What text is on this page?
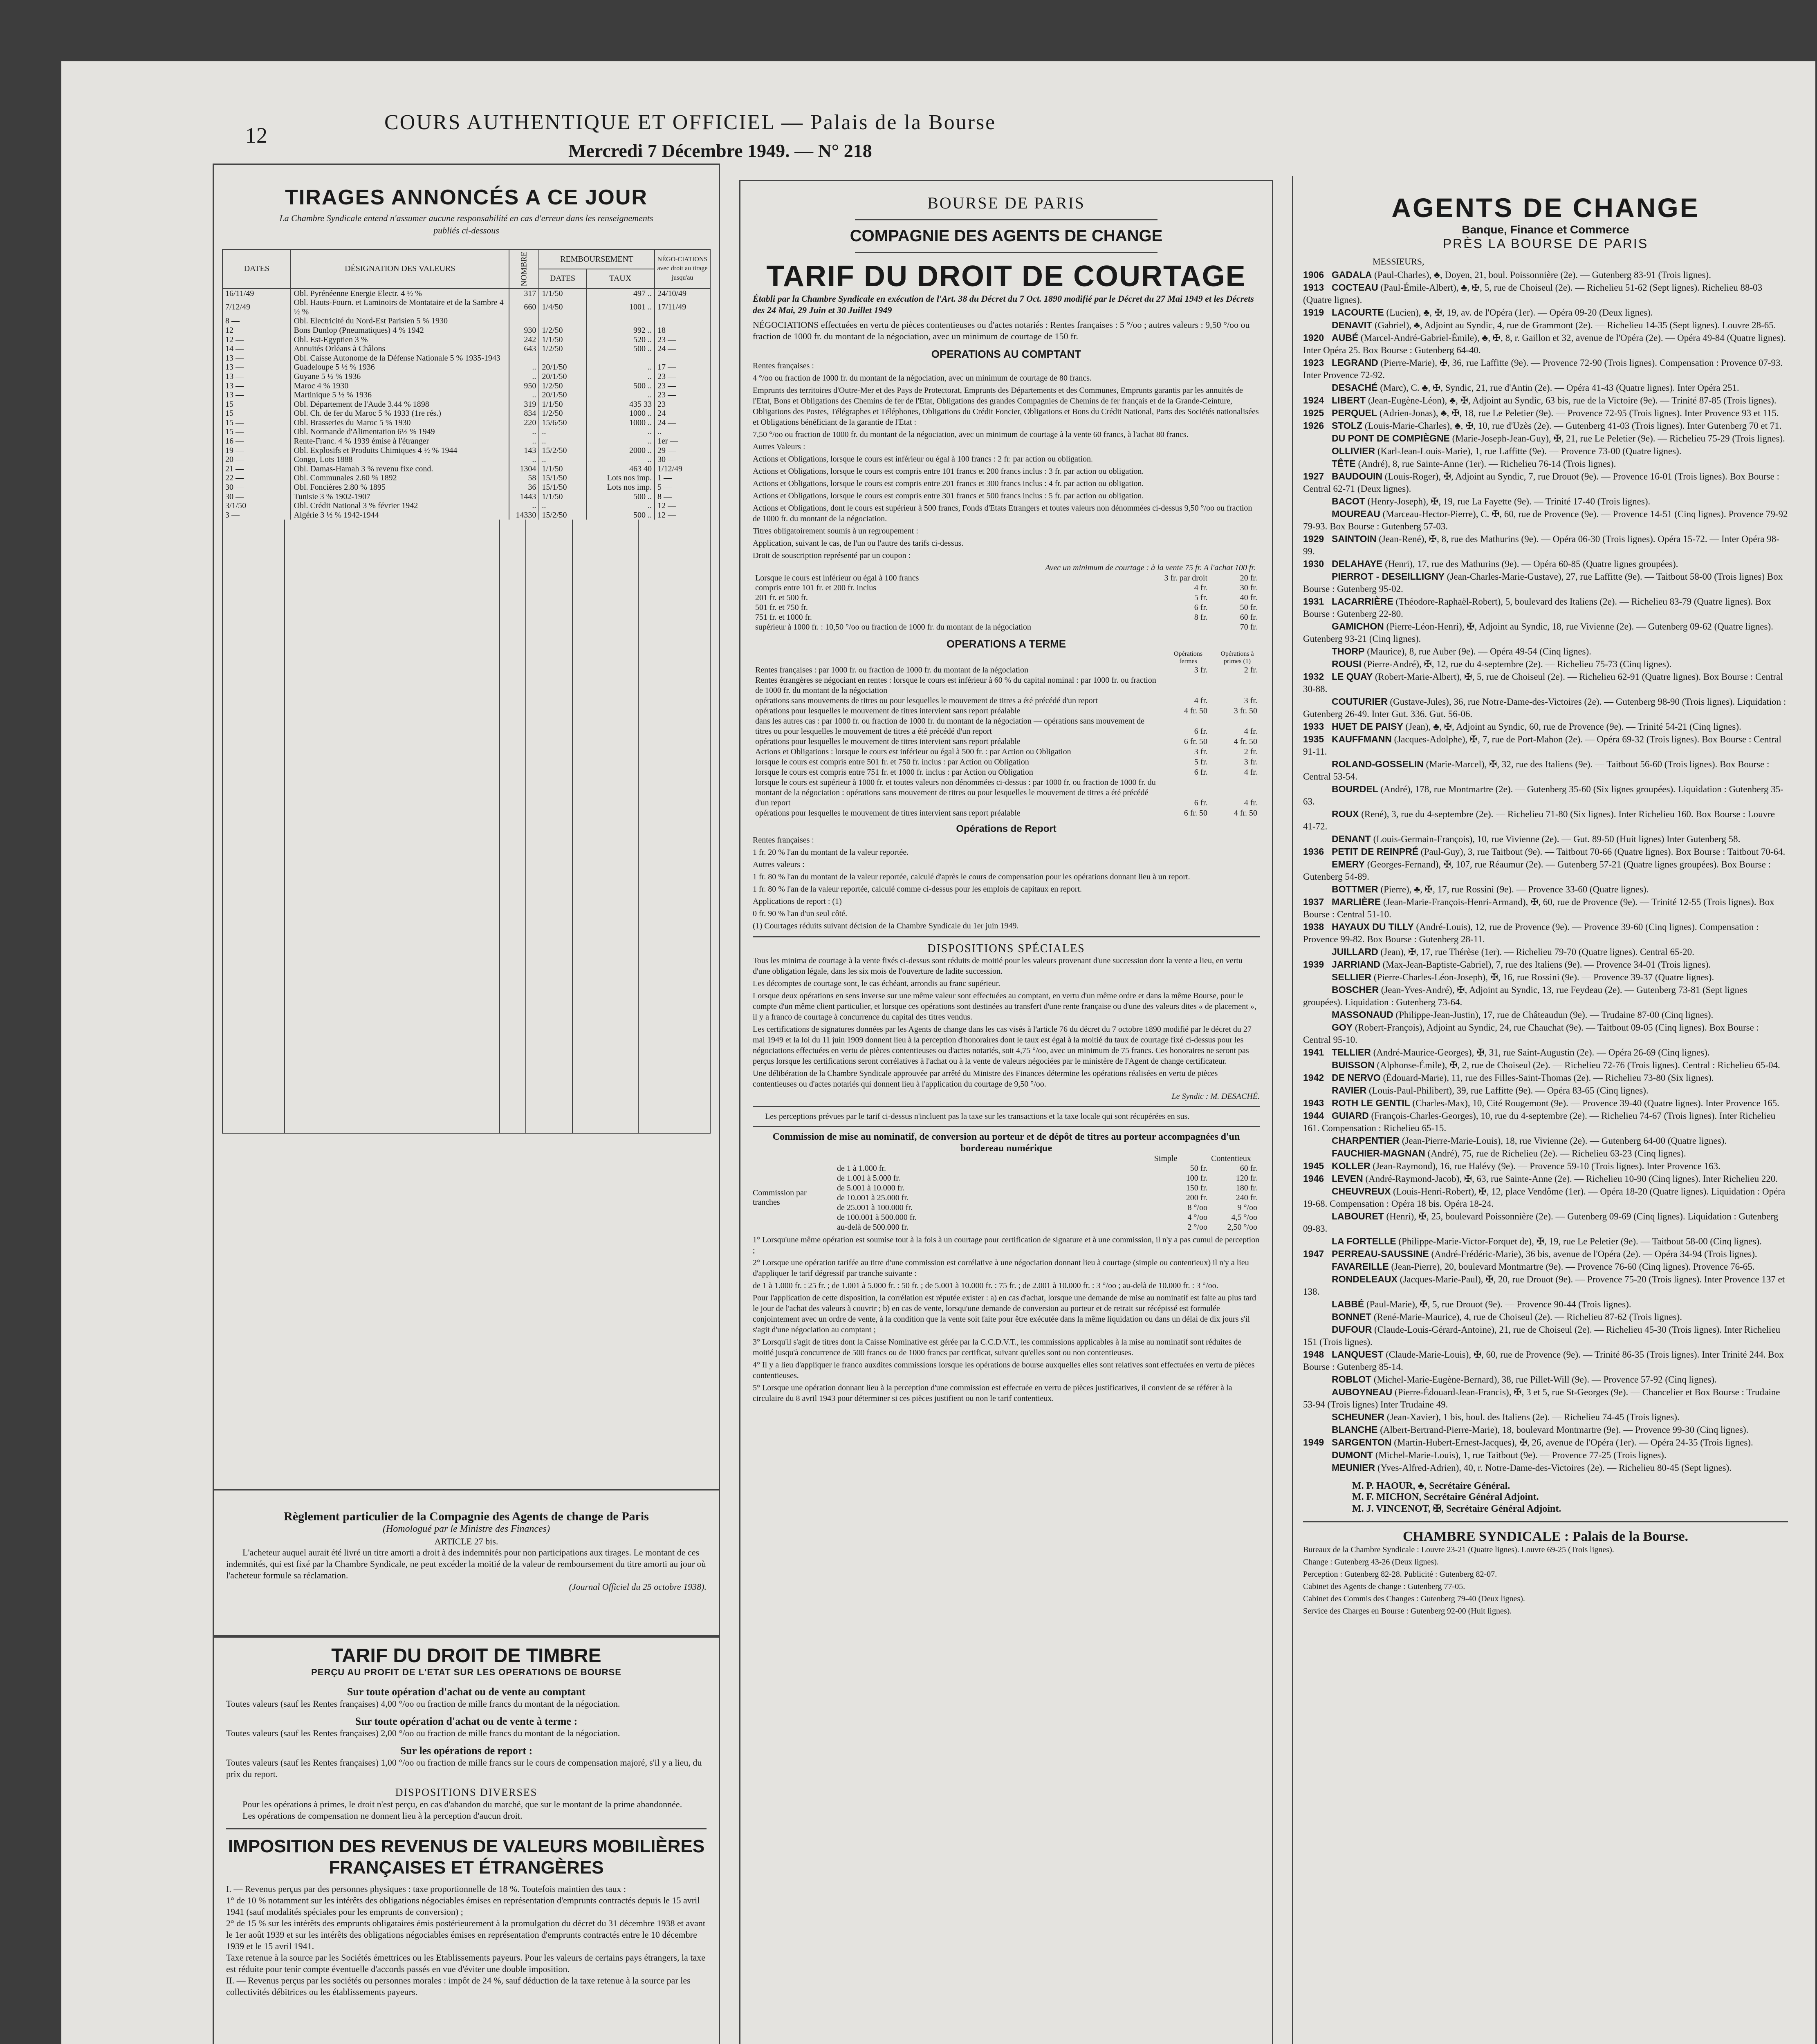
12
COURS AUTHENTIQUE ET OFFICIEL — Palais de la Bourse
Mercredi 7 Décembre 1949. — N° 218
TIRAGES ANNONCÉS A CE JOUR
La Chambre Syndicale entend n'assumer aucune responsabilité en cas d'erreur dans les renseignements publiés ci-dessous
DATES	DÉSIGNATION DES VALEURS	NOMBRE	REMBOURSEMENT		NÉGO-CIATIONS avec droit au tirage jusqu'au
			DATES	TAUX	
16/11/49	Obl. Pyrénéenne Energie Electr. 4 ½ %	317	1/1/50	497 ..	24/10/49
7/12/49	Obl. Hauts-Fourn. et Laminoirs de Montataire et de la Sambre 4 ½ %	660	1/4/50	1001 ..	17/11/49
8 —	Obl. Electricité du Nord-Est Parisien 5 % 1930				
12 —	Bons Dunlop (Pneumatiques) 4 % 1942	930	1/2/50	992 ..	18 —
12 —	Obl. Est-Egyptien 3 %	242	1/1/50	520 ..	23 —
14 —	Annuités Orléans à Châlons	643	1/2/50	500 ..	24 —
13 —	Obl. Caisse Autonome de la Défense Nationale 5 % 1935-1943				
13 —	Guadeloupe 5 ½ % 1936	..	20/1/50	..	17 —
13 —	Guyane 5 ½ % 1936	..	20/1/50	..	23 —
13 —	Maroc 4 % 1930	950	1/2/50	500 ..	23 —
13 —	Martinique 5 ½ % 1936	..	20/1/50	..	23 —
15 —	Obl. Département de l'Aude 3.44 % 1898	319	1/1/50	435 33	23 —
15 —	Obl. Ch. de fer du Maroc 5 % 1933 (1re rés.)	834	1/2/50	1000 ..	24 —
15 —	Obl. Brasseries du Maroc 5 % 1930	220	15/6/50	1000 ..	24 —
15 —	Obl. Normande d'Alimentation 6½ % 1949	..	..	..	..
16 —	Rente-Franc. 4 % 1939 émise à l'étranger	..	..	..	1er —
19 —	Obl. Explosifs et Produits Chimiques 4 ½ % 1944	143	15/2/50	2000 ..	29 —
20 —	Congo, Lots 1888	..	..	..	30 —
21 —	Obl. Damas-Hamah 3 % revenu fixe cond.	1304	1/1/50	463 40	1/12/49
22 —	Obl. Communales 2.60 % 1892	58	15/1/50	Lots nos imp.	1 —
30 —	Obl. Foncières 2.80 % 1895	36	15/1/50	Lots nos imp.	5 —
30 —	Tunisie 3 % 1902-1907	1443	1/1/50	500 ..	8 —
3/1/50	Obl. Crédit National 3 % février 1942	..	..	..	12 —
3 —	Algérie 3 ½ % 1942-1944	14330	15/2/50	500 ..	12 —
Règlement particulier de la Compagnie des Agents de change de Paris
(Homologué par le Ministre des Finances)
ARTICLE 27 bis.
L'acheteur auquel aurait été livré un titre amorti a droit à des indemnités pour non participations aux tirages. Le montant de ces indemnités, qui est fixé par la Chambre Syndicale, ne peut excéder la moitié de la valeur de remboursement du titre amorti au jour où l'acheteur formule sa réclamation.
(Journal Officiel du 25 octobre 1938).
TARIF DU DROIT DE TIMBRE
PERÇU AU PROFIT DE L'ETAT SUR LES OPERATIONS DE BOURSE
Sur toute opération d'achat ou de vente au comptant
Toutes valeurs (sauf les Rentes françaises) 4,00 °/oo ou fraction de mille francs du montant de la négociation.
Sur toute opération d'achat ou de vente à terme :
Toutes valeurs (sauf les Rentes françaises) 2,00 °/oo ou fraction de mille francs du montant de la négociation.
Sur les opérations de report :
Toutes valeurs (sauf les Rentes françaises) 1,00 °/oo ou fraction de mille francs sur le cours de compensation majoré, s'il y a lieu, du prix du report.
DISPOSITIONS DIVERSES
Pour les opérations à primes, le droit n'est perçu, en cas d'abandon du marché, que sur le montant de la prime abandonnée.
Les opérations de compensation ne donnent lieu à la perception d'aucun droit.
IMPOSITION DES REVENUS DE VALEURS MOBILIÈRES
FRANÇAISES ET ÉTRANGÈRES
I. — Revenus perçus par des personnes physiques : taxe proportionnelle de 18 %. Toutefois maintien des taux :
1° de 10 % notamment sur les intérêts des obligations négociables émises en représentation d'emprunts contractés depuis le 15 avril 1941 (sauf modalités spéciales pour les emprunts de conversion) ;
2° de 15 % sur les intérêts des emprunts obligataires émis postérieurement à la promulgation du décret du 31 décembre 1938 et avant le 1er août 1939 et sur les intérêts des obligations négociables émises en représentation d'emprunts contractés entre le 10 décembre 1939 et le 15 avril 1941.
Taxe retenue à la source par les Sociétés émettrices ou les Etablissements payeurs. Pour les valeurs de certains pays étrangers, la taxe est réduite pour tenir compte éventuelle d'accords passés en vue d'éviter une double imposition.
II. — Revenus perçus par les sociétés ou personnes morales : impôt de 24 %, sauf déduction de la taxe retenue à la source par les collectivités débitrices ou les établissements payeurs.
BOURSE DE PARIS
COMPAGNIE DES AGENTS DE CHANGE
TARIF DU DROIT DE COURTAGE
Établi par la Chambre Syndicale en exécution de l'Art. 38 du Décret du 7 Oct. 1890 modifié par le Décret du 27 Mai 1949 et les Décrets des 24 Mai, 29 Juin et 30 Juillet 1949
NÉGOCIATIONS effectuées en vertu de pièces contentieuses ou d'actes notariés : Rentes françaises : 5 °/oo ; autres valeurs : 9,50 °/oo ou fraction de 1000 fr. du montant de la négociation, avec un minimum de courtage de 150 fr.
OPERATIONS AU COMPTANT
Rentes françaises :
4 °/oo ou fraction de 1000 fr. du montant de la négociation, avec un minimum de courtage de 80 francs.
Emprunts des territoires d'Outre-Mer et des Pays de Protectorat, Emprunts des Départements et des Communes, Emprunts garantis par les annuités de l'Etat, Bons et Obligations des Chemins de fer de l'Etat, Obligations des grandes Compagnies de Chemins de fer français et de la Grande-Ceinture, Obligations des Postes, Télégraphes et Téléphones, Obligations du Crédit Foncier, Obligations et Bons du Crédit National, Parts des Sociétés nationalisées et Obligations bénéficiant de la garantie de l'Etat :
7,50 °/oo ou fraction de 1000 fr. du montant de la négociation, avec un minimum de courtage à la vente 60 francs, à l'achat 80 francs.
Autres Valeurs :
Actions et Obligations, lorsque le cours est inférieur ou égal à 100 francs : 2 fr. par action ou obligation.
Actions et Obligations, lorsque le cours est compris entre 101 francs et 200 francs inclus : 3 fr. par action ou obligation.
Actions et Obligations, lorsque le cours est compris entre 201 francs et 300 francs inclus : 4 fr. par action ou obligation.
Actions et Obligations, lorsque le cours est compris entre 301 francs et 500 francs inclus : 5 fr. par action ou obligation.
Actions et Obligations, dont le cours est supérieur à 500 francs, Fonds d'Etats Etrangers et toutes valeurs non dénommées ci-dessus 9,50 °/oo ou fraction de 1000 fr. du montant de la négociation.
Titres obligatoirement soumis à un regroupement :
Application, suivant le cas, de l'un ou l'autre des tarifs ci-dessus.
Droit de souscription représenté par un coupon :
Avec un minimum de courtage : à la vente 75 fr. A l'achat 100 fr.
Lorsque le cours est inférieur ou égal à 100 francs	3 fr. par droit	20 fr.
compris entre 101 fr. et 200 fr. inclus	4 fr.	30 fr.
201 fr. et 500 fr.	5 fr.	40 fr.
501 fr. et 750 fr.	6 fr.	50 fr.
751 fr. et 1000 fr.	8 fr.	60 fr.
supérieur à 1000 fr. : 10,50 °/oo ou fraction de 1000 fr. du montant de la négociation		70 fr.
OPERATIONS A TERME
Opérations fermes
Opérations à primes (1)
Rentes françaises : par 1000 fr. ou fraction de 1000 fr. du montant de la négociation	3 fr.	2 fr.
Rentes étrangères se négociant en rentes : lorsque le cours est inférieur à 60 % du capital nominal : par 1000 fr. ou fraction de 1000 fr. du montant de la négociation		
opérations sans mouvements de titres ou pour lesquelles le mouvement de titres a été précédé d'un report	4 fr.	3 fr.
opérations pour lesquelles le mouvement de titres intervient sans report préalable	4 fr. 50	3 fr. 50
dans les autres cas : par 1000 fr. ou fraction de 1000 fr. du montant de la négociation — opérations sans mouvement de titres ou pour lesquelles le mouvement de titres a été précédé d'un report	6 fr.	4 fr.
opérations pour lesquelles le mouvement de titres intervient sans report préalable	6 fr. 50	4 fr. 50
Actions et Obligations : lorsque le cours est inférieur ou égal à 500 fr. : par Action ou Obligation	3 fr.	2 fr.
lorsque le cours est compris entre 501 fr. et 750 fr. inclus : par Action ou Obligation	5 fr.	3 fr.
lorsque le cours est compris entre 751 fr. et 1000 fr. inclus : par Action ou Obligation	6 fr.	4 fr.
lorsque le cours est supérieur à 1000 fr. et toutes valeurs non dénommées ci-dessus : par 1000 fr. ou fraction de 1000 fr. du montant de la négociation : opérations sans mouvement de titres ou pour lesquelles le mouvement de titres a été précédé d'un report	6 fr.	4 fr.
opérations pour lesquelles le mouvement de titres intervient sans report préalable	6 fr. 50	4 fr. 50
Opérations de Report
Rentes françaises :
1 fr. 20 % l'an du montant de la valeur reportée.
Autres valeurs :
1 fr. 80 % l'an du montant de la valeur reportée, calculé d'après le cours de compensation pour les opérations donnant lieu à un report.
1 fr. 80 % l'an de la valeur reportée, calculé comme ci-dessus pour les emplois de capitaux en report.
Applications de report : (1)
0 fr. 90 % l'an d'un seul côté.
(1) Courtages réduits suivant décision de la Chambre Syndicale du 1er juin 1949.
DISPOSITIONS SPÉCIALES
Tous les minima de courtage à la vente fixés ci-dessus sont réduits de moitié pour les valeurs provenant d'une succession dont la vente a lieu, en vertu d'une obligation légale, dans les six mois de l'ouverture de ladite succession.
Les décomptes de courtage sont, le cas échéant, arrondis au franc supérieur.
Lorsque deux opérations en sens inverse sur une même valeur sont effectuées au comptant, en vertu d'un même ordre et dans la même Bourse, pour le compte d'un même client particulier, et lorsque ces opérations sont destinées au transfert d'une rente française ou d'une des valeurs dites « de placement », il y a franco de courtage à concurrence du capital des titres vendus.
Les certifications de signatures données par les Agents de change dans les cas visés à l'article 76 du décret du 7 octobre 1890 modifié par le décret du 27 mai 1949 et la loi du 11 juin 1909 donnent lieu à la perception d'honoraires dont le taux est égal à la moitié du taux de courtage fixé ci-dessus pour les négociations effectuées en vertu de pièces contentieuses ou d'actes notariés, soit 4,75 °/oo, avec un minimum de 75 francs. Ces honoraires ne seront pas perçus lorsque les certifications seront corrélatives à l'achat ou à la vente de valeurs négociées par le ministère de l'Agent de change certificateur.
Une délibération de la Chambre Syndicale approuvée par arrêté du Ministre des Finances détermine les opérations réalisées en vertu de pièces contentieuses ou d'actes notariés qui donnent lieu à l'application du courtage de 9,50 °/oo.
Le Syndic : M. DESACHÉ.
Les perceptions prévues par le tarif ci-dessus n'incluent pas la taxe sur les transactions et la taxe locale qui sont récupérées en sus.
Commission de mise au nominatif, de conversion au porteur et de dépôt de titres au porteur accompagnées d'un bordereau numérique
Simple	Contentieux
Commission par tranches
de 1 à 1.000 fr.	50 fr.	60 fr.
de 1.001 à 5.000 fr.	100 fr.	120 fr.
de 5.001 à 10.000 fr.	150 fr.	180 fr.
de 10.001 à 25.000 fr.	200 fr.	240 fr.
de 25.001 à 100.000 fr.	8 °/oo	9 °/oo
de 100.001 à 500.000 fr.	4 °/oo	4,5 °/oo
au-delà de 500.000 fr.	2 °/oo	2,50 °/oo
1° Lorsqu'une même opération est soumise tout à la fois à un courtage pour certification de signature et à une commission, il n'y a pas cumul de perception ;
2° Lorsque une opération tarifée au titre d'une commission est corrélative à une négociation donnant lieu à courtage (simple ou contentieux) il n'y a lieu d'appliquer le tarif dégressif par tranche suivante :
de 1 à 1.000 fr. : 25 fr. ; de 1.001 à 5.000 fr. : 50 fr. ; de 5.001 à 10.000 fr. : 75 fr. ; de 2.001 à 10.000 fr. : 3 °/oo ; au-delà de 10.000 fr. : 3 °/oo.
Pour l'application de cette disposition, la corrélation est réputée exister : a) en cas d'achat, lorsque une demande de mise au nominatif est faite au plus tard le jour de l'achat des valeurs à couvrir ; b) en cas de vente, lorsqu'une demande de conversion au porteur et de retrait sur récépissé est formulée conjointement avec un ordre de vente, à la condition que la vente soit faite pour être exécutée dans la même liquidation ou dans un délai de dix jours s'il s'agit d'une négociation au comptant ;
3° Lorsqu'il s'agit de titres dont la Caisse Nominative est gérée par la C.C.D.V.T., les commissions applicables à la mise au nominatif sont réduites de moitié jusqu'à concurrence de 500 francs ou de 1000 francs par certificat, suivant qu'elles sont ou non contentieuses.
4° Il y a lieu d'appliquer le franco auxdites commissions lorsque les opérations de bourse auxquelles elles sont relatives sont effectuées en vertu de pièces contentieuses.
5° Lorsque une opération donnant lieu à la perception d'une commission est effectuée en vertu de pièces justificatives, il convient de se référer à la circulaire du 8 avril 1943 pour déterminer si ces pièces justifient ou non le tarif contentieux.
AGENTS DE CHANGE
Banque, Finance et Commerce
PRÈS LA BOURSE DE PARIS
MESSIEURS,

1906 GADALA (Paul-Charles), ♣, Doyen, 21, boul. Poissonnière (2e). — Gutenberg 83-91 (Trois lignes).

1913 COCTEAU (Paul-Émile-Albert), ♣, ✠, 5, rue de Choiseul (2e). — Richelieu 51-62 (Sept lignes). Richelieu 88-03 (Quatre lignes).

1919 LACOURTE (Lucien), ♣, ✠, 19, av. de l'Opéra (1er). — Opéra 09-20 (Deux lignes).

DENAVIT (Gabriel), ♣, Adjoint au Syndic, 4, rue de Grammont (2e). — Richelieu 14-35 (Sept lignes). Louvre 28-65.

1920 AUBÉ (Marcel-André-Gabriel-Émile), ♣, ✠, 8, r. Gaillon et 32, avenue de l'Opéra (2e). — Opéra 49-84 (Quatre lignes). Inter Opéra 25. Box Bourse : Gutenberg 64-40.

1923 LEGRAND (Pierre-Marie), ✠, 36, rue Laffitte (9e). — Provence 72-90 (Trois lignes). Compensation : Provence 07-93. Inter Provence 72-92.

DESACHÉ (Marc), C. ♣, ✠, Syndic, 21, rue d'Antin (2e). — Opéra 41-43 (Quatre lignes). Inter Opéra 251.

1924 LIBERT (Jean-Eugène-Léon), ♣, ✠, Adjoint au Syndic, 63 bis, rue de la Victoire (9e). — Trinité 87-85 (Trois lignes).

1925 PERQUEL (Adrien-Jonas), ♣, ✠, 18, rue Le Peletier (9e). — Provence 72-95 (Trois lignes). Inter Provence 93 et 115.

1926 STOLZ (Louis-Marie-Charles), ♣, ✠, 10, rue d'Uzès (2e). — Gutenberg 41-03 (Trois lignes). Inter Gutenberg 70 et 71.

DU PONT DE COMPIÈGNE (Marie-Joseph-Jean-Guy), ✠, 21, rue Le Peletier (9e). — Richelieu 75-29 (Trois lignes).

OLLIVIER (Karl-Jean-Louis-Marie), 1, rue Laffitte (9e). — Provence 73-00 (Quatre lignes).

TÊTE (André), 8, rue Sainte-Anne (1er). — Richelieu 76-14 (Trois lignes).

1927 BAUDOUIN (Louis-Roger), ✠, Adjoint au Syndic, 7, rue Drouot (9e). — Provence 16-01 (Trois lignes). Box Bourse : Central 62-71 (Deux lignes).

BACOT (Henry-Joseph), ✠, 19, rue La Fayette (9e). — Trinité 17-40 (Trois lignes).

MOUREAU (Marceau-Hector-Pierre), C. ✠, 60, rue de Provence (9e). — Provence 14-51 (Cinq lignes). Provence 79-92 79-93. Box Bourse : Gutenberg 57-03.

1929 SAINTOIN (Jean-René), ✠, 8, rue des Mathurins (9e). — Opéra 06-30 (Trois lignes). Opéra 15-72. — Inter Opéra 98-99.

1930 DELAHAYE (Henri), 17, rue des Mathurins (9e). — Opéra 60-85 (Quatre lignes groupées).

PIERROT - DESEILLIGNY (Jean-Charles-Marie-Gustave), 27, rue Laffitte (9e). — Taitbout 58-00 (Trois lignes) Box Bourse : Gutenberg 95-02.

1931 LACARRIÈRE (Théodore-Raphaël-Robert), 5, boulevard des Italiens (2e). — Richelieu 83-79 (Quatre lignes). Box Bourse : Gutenberg 22-80.

GAMICHON (Pierre-Léon-Henri), ✠, Adjoint au Syndic, 18, rue Vivienne (2e). — Gutenberg 09-62 (Quatre lignes). Gutenberg 93-21 (Cinq lignes).

THORP (Maurice), 8, rue Auber (9e). — Opéra 49-54 (Cinq lignes).

ROUSI (Pierre-André), ✠, 12, rue du 4-septembre (2e). — Richelieu 75-73 (Cinq lignes).

1932 LE QUAY (Robert-Marie-Albert), ✠, 5, rue de Choiseul (2e). — Richelieu 62-91 (Quatre lignes). Box Bourse : Central 30-88.

COUTURIER (Gustave-Jules), 36, rue Notre-Dame-des-Victoires (2e). — Gutenberg 98-90 (Trois lignes). Liquidation : Gutenberg 26-49. Inter Gut. 336. Gut. 56-06.

1933 HUET DE PAISY (Jean), ♣, ✠, Adjoint au Syndic, 60, rue de Provence (9e). — Trinité 54-21 (Cinq lignes).

1935 KAUFFMANN (Jacques-Adolphe), ✠, 7, rue de Port-Mahon (2e). — Opéra 69-32 (Trois lignes). Box Bourse : Central 91-11.

ROLAND-GOSSELIN (Marie-Marcel), ✠, 32, rue des Italiens (9e). — Taitbout 56-60 (Trois lignes). Box Bourse : Central 53-54.

BOURDEL (André), 178, rue Montmartre (2e). — Gutenberg 35-60 (Six lignes groupées). Liquidation : Gutenberg 35-63.

ROUX (René), 3, rue du 4-septembre (2e). — Richelieu 71-80 (Six lignes). Inter Richelieu 160. Box Bourse : Louvre 41-72.

DENANT (Louis-Germain-François), 10, rue Vivienne (2e). — Gut. 89-50 (Huit lignes) Inter Gutenberg 58.

1936 PETIT DE REINPRÉ (Paul-Guy), 3, rue Taitbout (9e). — Taitbout 70-66 (Quatre lignes). Box Bourse : Taitbout 70-64.

EMERY (Georges-Fernand), ✠, 107, rue Réaumur (2e). — Gutenberg 57-21 (Quatre lignes groupées). Box Bourse : Gutenberg 54-89.

BOTTMER (Pierre), ♣, ✠, 17, rue Rossini (9e). — Provence 33-60 (Quatre lignes).

1937 MARLIÈRE (Jean-Marie-François-Henri-Armand), ✠, 60, rue de Provence (9e). — Trinité 12-55 (Trois lignes). Box Bourse : Central 51-10.

1938 HAYAUX DU TILLY (André-Louis), 12, rue de Provence (9e). — Provence 39-60 (Cinq lignes). Compensation : Provence 99-82. Box Bourse : Gutenberg 28-11.

JUILLARD (Jean), ✠, 17, rue Thérèse (1er). — Richelieu 79-70 (Quatre lignes). Central 65-20.

1939 JARRIAND (Max-Jean-Baptiste-Gabriel), 7, rue des Italiens (9e). — Provence 34-01 (Trois lignes).

SELLIER (Pierre-Charles-Léon-Joseph), ✠, 16, rue Rossini (9e). — Provence 39-37 (Quatre lignes).

BOSCHER (Jean-Yves-André), ✠, Adjoint au Syndic, 13, rue Feydeau (2e). — Gutenberg 73-81 (Sept lignes groupées). Liquidation : Gutenberg 73-64.

MASSONAUD (Philippe-Jean-Justin), 17, rue de Châteaudun (9e). — Trudaine 87-00 (Cinq lignes).

GOY (Robert-François), Adjoint au Syndic, 24, rue Chauchat (9e). — Taitbout 09-05 (Cinq lignes). Box Bourse : Central 95-10.

1941 TELLIER (André-Maurice-Georges), ✠, 31, rue Saint-Augustin (2e). — Opéra 26-69 (Cinq lignes).

BUISSON (Alphonse-Émile), ✠, 2, rue de Choiseul (2e). — Richelieu 72-76 (Trois lignes). Central : Richelieu 65-04.

1942 DE NERVO (Édouard-Marie), 11, rue des Filles-Saint-Thomas (2e). — Richelieu 73-80 (Six lignes).

RAVIER (Louis-Paul-Philibert), 39, rue Laffitte (9e). — Opéra 83-65 (Cinq lignes).

1943 ROTH LE GENTIL (Charles-Max), 10, Cité Rougemont (9e). — Provence 39-40 (Quatre lignes). Inter Provence 165.

1944 GUIARD (François-Charles-Georges), 10, rue du 4-septembre (2e). — Richelieu 74-67 (Trois lignes). Inter Richelieu 161. Compensation : Richelieu 65-15.

CHARPENTIER (Jean-Pierre-Marie-Louis), 18, rue Vivienne (2e). — Gutenberg 64-00 (Quatre lignes).

FAUCHIER-MAGNAN (André), 75, rue de Richelieu (2e). — Richelieu 63-23 (Cinq lignes).

1945 KOLLER (Jean-Raymond), 16, rue Halévy (9e). — Provence 59-10 (Trois lignes). Inter Provence 163.

1946 LEVEN (André-Raymond-Jacob), ✠, 63, rue Sainte-Anne (2e). — Richelieu 10-90 (Cinq lignes). Inter Richelieu 220.

CHEUVREUX (Louis-Henri-Robert), ✠, 12, place Vendôme (1er). — Opéra 18-20 (Quatre lignes). Liquidation : Opéra 19-68. Compensation : Opéra 18 bis. Opéra 18-24.

LABOURET (Henri), ✠, 25, boulevard Poissonnière (2e). — Gutenberg 09-69 (Cinq lignes). Liquidation : Gutenberg 09-83.

LA FORTELLE (Philippe-Marie-Victor-Forquet de), ✠, 19, rue Le Peletier (9e). — Taitbout 58-00 (Cinq lignes).

1947 PERREAU-SAUSSINE (André-Frédéric-Marie), 36 bis, avenue de l'Opéra (2e). — Opéra 34-94 (Trois lignes).

FAVAREILLE (Jean-Pierre), 20, boulevard Montmartre (9e). — Provence 76-60 (Cinq lignes). Provence 76-65.

RONDELEAUX (Jacques-Marie-Paul), ✠, 20, rue Drouot (9e). — Provence 75-20 (Trois lignes). Inter Provence 137 et 138.

LABBÉ (Paul-Marie), ✠, 5, rue Drouot (9e). — Provence 90-44 (Trois lignes).

BONNET (René-Marie-Maurice), 4, rue de Choiseul (2e). — Richelieu 87-62 (Trois lignes).

DUFOUR (Claude-Louis-Gérard-Antoine), 21, rue de Choiseul (2e). — Richelieu 45-30 (Trois lignes). Inter Richelieu 151 (Trois lignes).

1948 LANQUEST (Claude-Marie-Louis), ✠, 60, rue de Provence (9e). — Trinité 86-35 (Trois lignes). Inter Trinité 244. Box Bourse : Gutenberg 85-14.

ROBLOT (Michel-Marie-Eugène-Bernard), 38, rue Pillet-Will (9e). — Provence 57-92 (Cinq lignes).

AUBOYNEAU (Pierre-Édouard-Jean-Francis), ✠, 3 et 5, rue St-Georges (9e). — Chancelier et Box Bourse : Trudaine 53-94 (Trois lignes) Inter Trudaine 49.

SCHEUNER (Jean-Xavier), 1 bis, boul. des Italiens (2e). — Richelieu 74-45 (Trois lignes).

BLANCHE (Albert-Bertrand-Pierre-Marie), 18, boulevard Montmartre (9e). — Provence 99-30 (Cinq lignes).

1949 SARGENTON (Martin-Hubert-Ernest-Jacques), ✠, 26, avenue de l'Opéra (1er). — Opéra 24-35 (Trois lignes).

DUMONT (Michel-Marie-Louis), 1, rue Taitbout (9e). — Provence 77-25 (Trois lignes).

MEUNIER (Yves-Alfred-Adrien), 40, r. Notre-Dame-des-Victoires (2e). — Richelieu 80-45 (Sept lignes).

M. P. HAOUR, ♣, Secrétaire Général.
M. F. MICHON, Secrétaire Général Adjoint.
M. J. VINCENOT, ✠, Secrétaire Général Adjoint.
CHAMBRE SYNDICALE : Palais de la Bourse.
Bureaux de la Chambre Syndicale : Louvre 23-21 (Quatre lignes). Louvre 69-25 (Trois lignes).
Change : Gutenberg 43-26 (Deux lignes).
Perception : Gutenberg 82-28. Publicité : Gutenberg 82-07.
Cabinet des Agents de change : Gutenberg 77-05.
Cabinet des Commis des Changes : Gutenberg 79-40 (Deux lignes).
Service des Charges en Bourse : Gutenberg 92-00 (Huit lignes).
